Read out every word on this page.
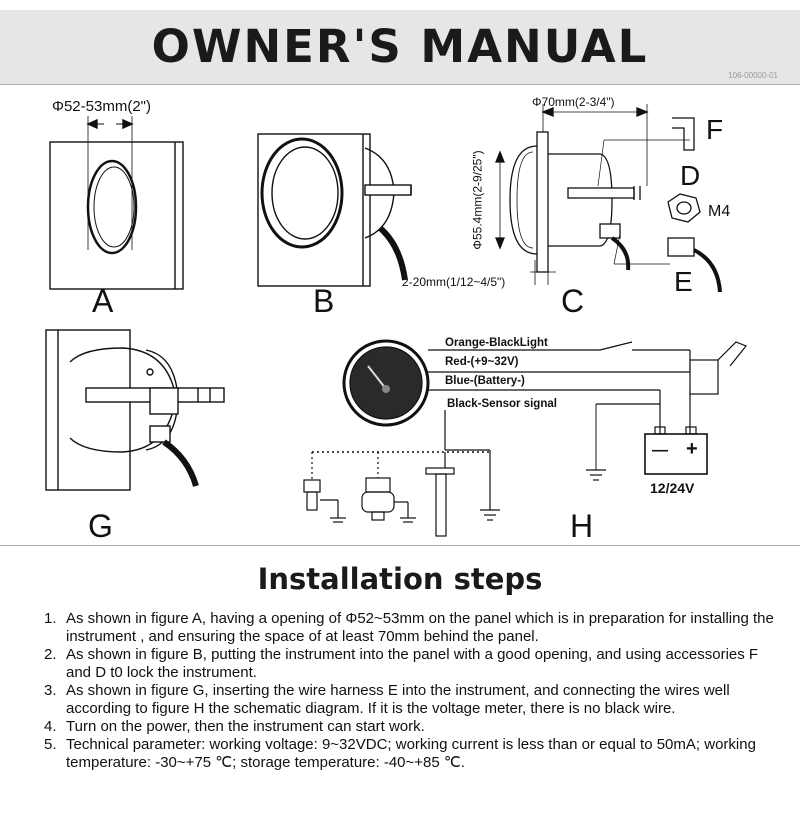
OWNER'S MANUAL
106-00000-01
A
Φ52-53mm(2")
B	C
Φ70mm(2-3/4")
Φ55.4mm(2-9/25")
2-20mm(1/12~4/5")
F
D
M4
E
G	H
Orange-BlackLight
Red-(+9~32V)
Blue-(Battery-)
Black-Sensor signal
— +
12/24V
Installation steps
1. As shown in figure A, having a opening of Φ52~53mm on the panel which is in preparation for installing the instrument , and ensuring the space of at least 70mm behind the panel.
2. As shown in figure B, putting the instrument into the panel with a good opening, and using accessories F and D t0 lock the instrument.
3. As shown in figure G, inserting the wire harness E into the instrument, and connecting the wires well according to figure H the schematic diagram. If it is the voltage meter, there is no black wire.
4. Turn on the power, then the instrument can start work.
5. Technical parameter: working voltage: 9~32VDC; working current is less than or equal to 50mA; working temperature: -30~+75 ℃; storage temperature: -40~+85 ℃.
